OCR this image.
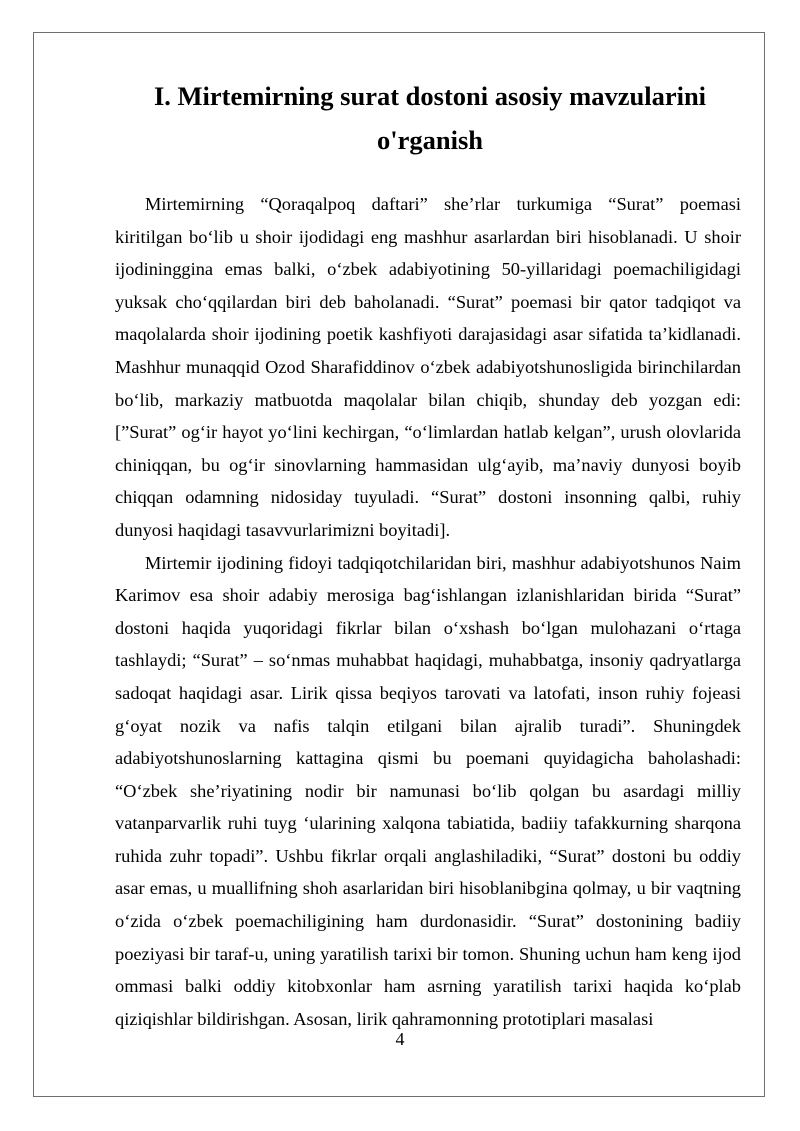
I. Mirtemirning surat dostoni asosiy mavzularini
o'rganish

Mirtemirning “Qoraqalpoq daftari” she’rlar turkumiga “Surat” poemasi kiritilgan bo‘lib u shoir ijodidagi eng mashhur asarlardan biri hisoblanadi. U shoir ijodininggina emas balki, o‘zbek adabiyotining 50-yillaridagi poemachiligidagi yuksak cho‘qqilardan biri deb baholanadi. “Surat” poemasi bir qator tadqiqot va maqolalarda shoir ijodining poetik kashfiyoti darajasidagi asar sifatida ta’kidlanadi. Mashhur munaqqid Ozod Sharafiddinov o‘zbek adabiyotshunosligida birinchilardan bo‘lib, markaziy matbuotda maqolalar bilan chiqib, shunday deb yozgan edi: [”Surat” og‘ir hayot yo‘lini kechirgan, “o‘limlardan hatlab kelgan”, urush olovlarida chiniqqan, bu og‘ir sinovlarning hammasidan ulg‘ayib, ma’naviy dunyosi boyib chiqqan odamning nidosiday tuyuladi. “Surat” dostoni insonning qalbi, ruhiy dunyosi haqidagi tasavvurlarimizni boyitadi].

Mirtemir ijodining fidoyi tadqiqotchilaridan biri, mashhur adabiyotshunos Naim Karimov esa shoir adabiy merosiga bag‘ishlangan izlanishlaridan birida “Surat” dostoni haqida yuqoridagi fikrlar bilan o‘xshash bo‘lgan mulohazani o‘rtaga tashlaydi; “Surat” – so‘nmas muhabbat haqidagi, muhabbatga, insoniy qadryatlarga sadoqat haqidagi asar. Lirik qissa beqiyos tarovati va latofati, inson ruhiy fojeasi g‘oyat nozik va nafis talqin etilgani bilan ajralib turadi”. Shuningdek adabiyotshunoslarning kattagina qismi bu poemani quyidagicha baholashadi: “O‘zbek she’riyatining nodir bir namunasi bo‘lib qolgan bu asardagi milliy vatanparvarlik ruhi tuyg ‘ularining xalqona tabiatida, badiiy tafakkurning sharqona ruhida zuhr topadi”. Ushbu fikrlar orqali anglashiladiki, “Surat” dostoni bu oddiy asar emas, u muallifning shoh asarlaridan biri hisoblanibgina qolmay, u bir vaqtning o‘zida o‘zbek poemachiligining ham durdonasidir. “Surat” dostonining badiiy poeziyasi bir taraf-u, uning yaratilish tarixi bir tomon. Shuning uchun ham keng ijod ommasi balki oddiy kitobxonlar ham asrning yaratilish tarixi haqida ko‘plab qiziqishlar bildirishgan. Asosan, lirik qahramonning prototiplari masalasi

4
